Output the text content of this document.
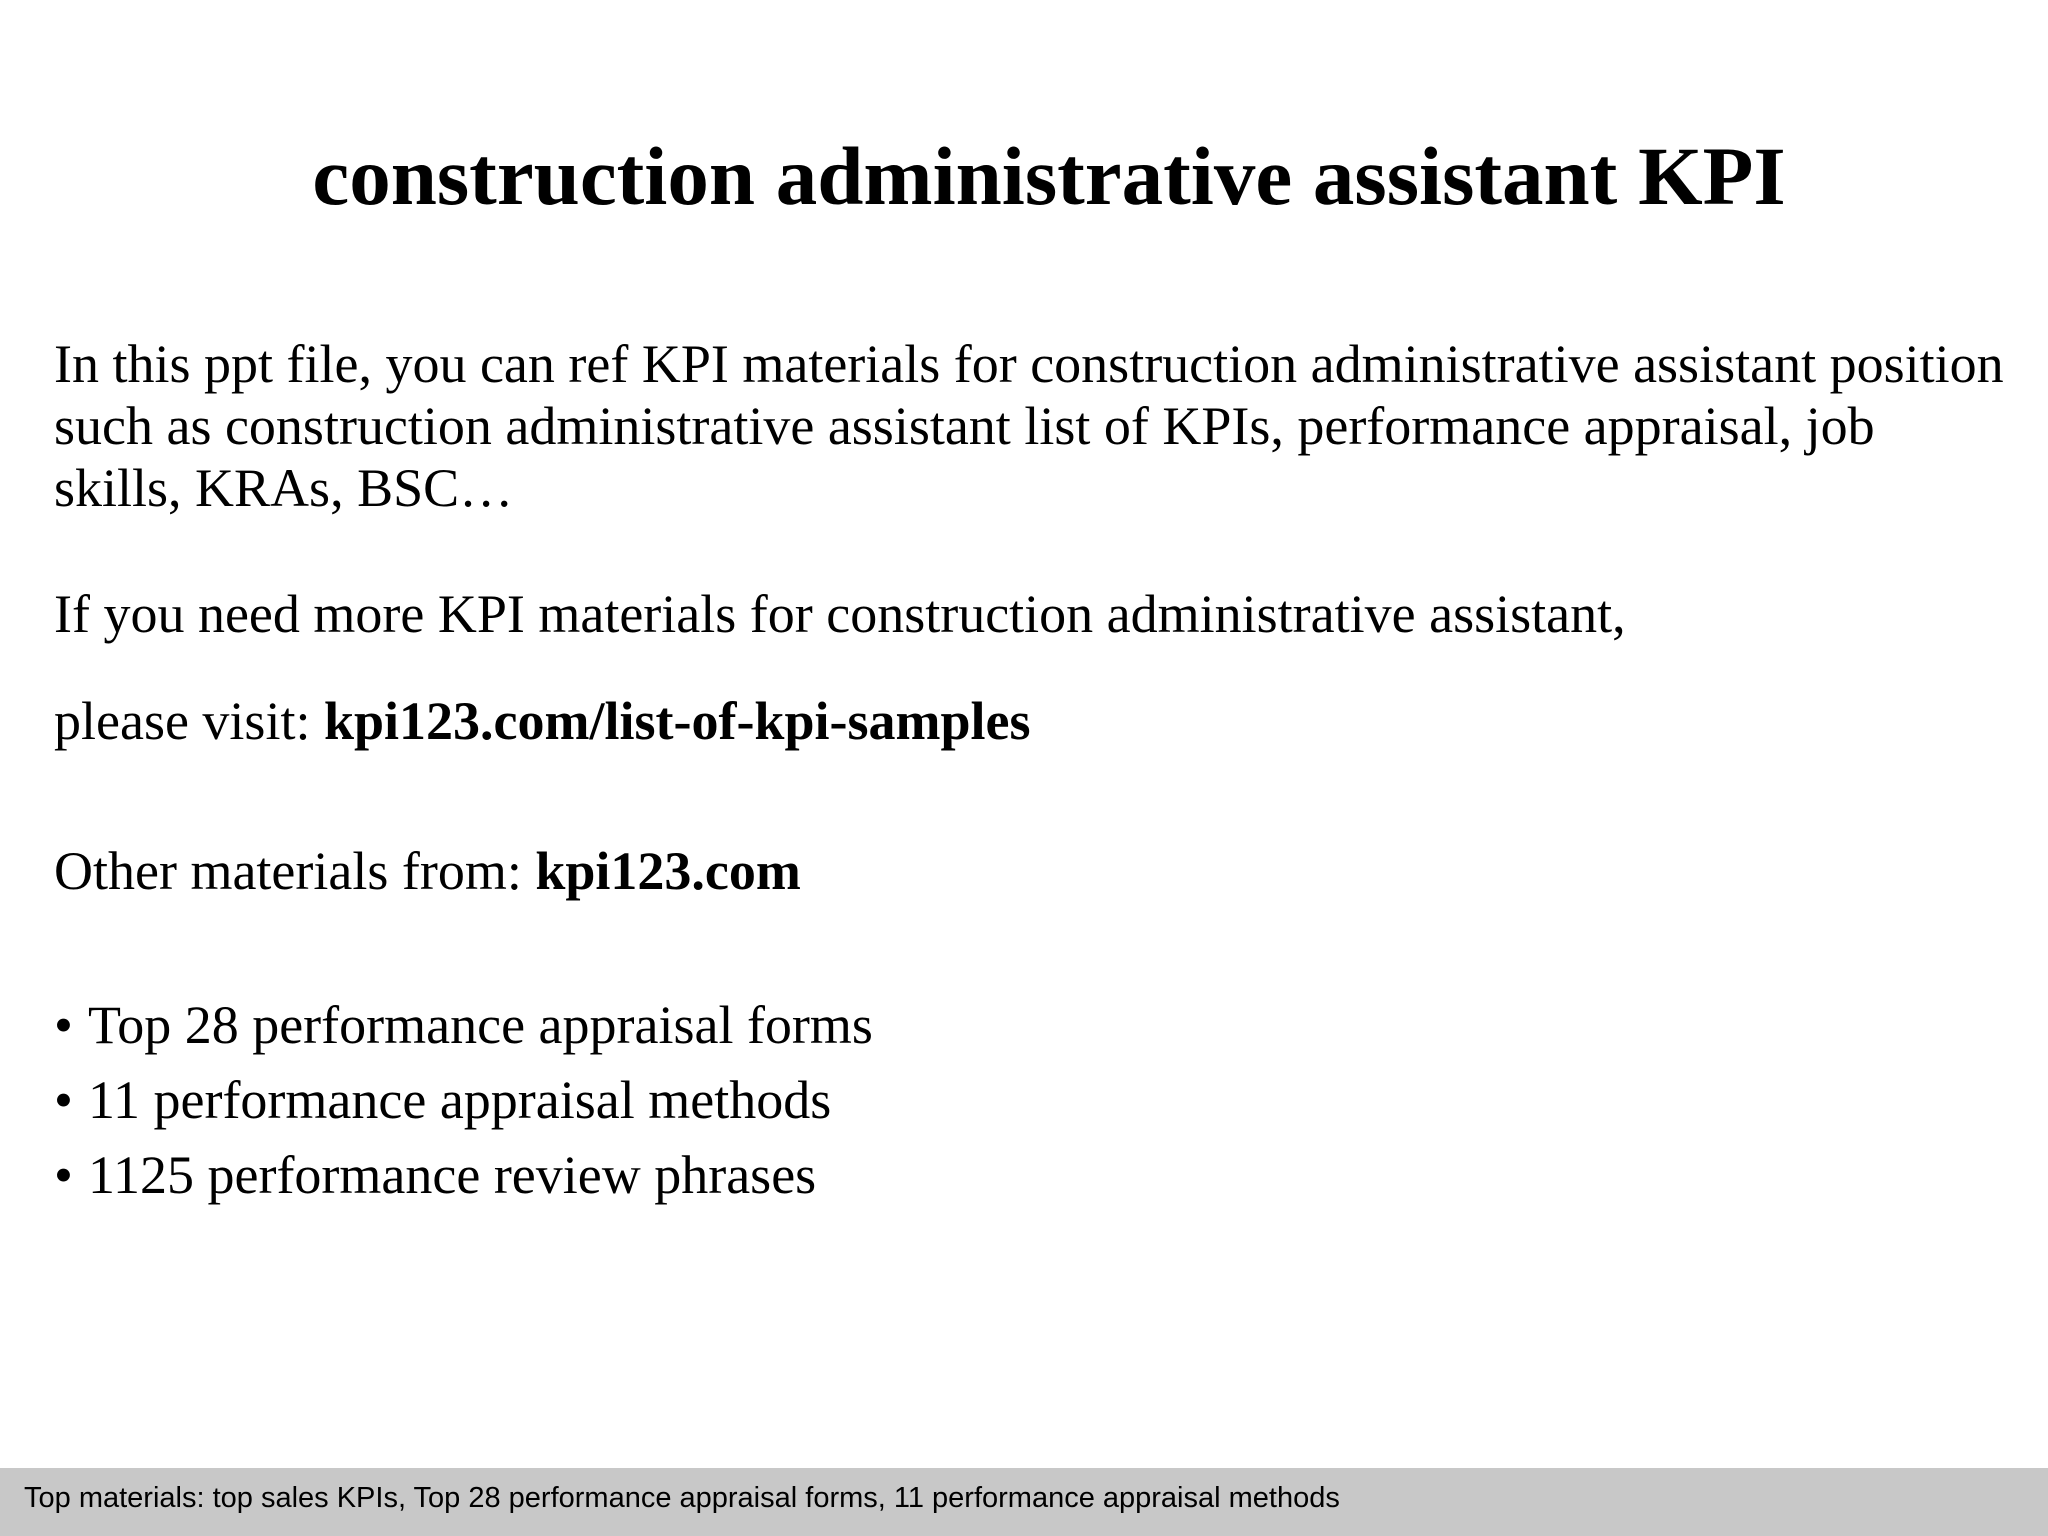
construction administrative assistant KPI

In this ppt file, you can ref KPI materials for construction administrative assistant position such as construction administrative assistant list of KPIs, performance appraisal, job skills, KRAs, BSC…

If you need more KPI materials for construction administrative assistant,

please visit: kpi123.com/list-of-kpi-samples

Other materials from: kpi123.com

• Top 28 performance appraisal forms
• 11 performance appraisal methods
• 1125 performance review phrases
Top materials: top sales KPIs, Top 28 performance appraisal forms, 11 performance appraisal methods
